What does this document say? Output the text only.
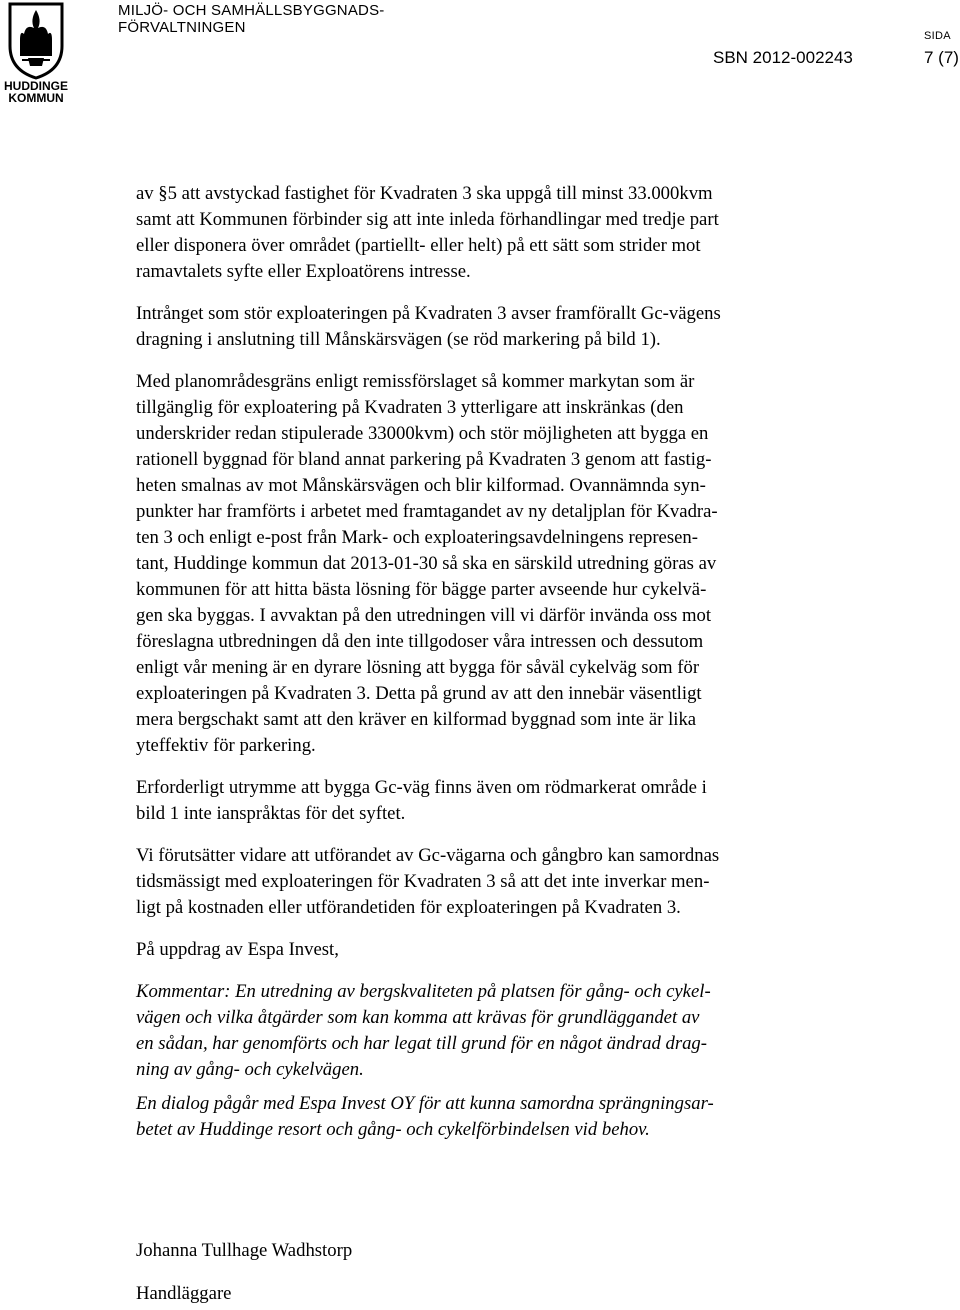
HUDDINGE
KOMMUN
MILJÖ- OCH SAMHÄLLSBYGGNADS-
FÖRVALTNINGEN	SIDA
SBN 2012-002243	7 (7)

av §5 att avstyckad fastighet för Kvadraten 3 ska uppgå till minst 33.000kvm
samt att Kommunen förbinder sig att inte inleda förhandlingar med tredje part
eller disponera över området (partiellt- eller helt) på ett sätt som strider mot
ramavtalets syfte eller Exploatörens intresse.

Intrånget som stör exploateringen på Kvadraten 3 avser framförallt Gc-vägens
dragning i anslutning till Månskärsvägen (se röd markering på bild 1).

Med planområdesgräns enligt remissförslaget så kommer markytan som är
tillgänglig för exploatering på Kvadraten 3 ytterligare att inskränkas (den
underskrider redan stipulerade 33000kvm) och stör möjligheten att bygga en
rationell byggnad för bland annat parkering på Kvadraten 3 genom att fastig-
heten smalnas av mot Månskärsvägen och blir kilformad. Ovannämnda syn-
punkter har framförts i arbetet med framtagandet av ny detaljplan för Kvadra-
ten 3 och enligt e-post från Mark- och exploateringsavdelningens represen-
tant, Huddinge kommun dat 2013-01-30 så ska en särskild utredning göras av
kommunen för att hitta bästa lösning för bägge parter avseende hur cykelvä-
gen ska byggas. I avvaktan på den utredningen vill vi därför invända oss mot
föreslagna utbredningen då den inte tillgodoser våra intressen och dessutom
enligt vår mening är en dyrare lösning att bygga för såväl cykelväg som för
exploateringen på Kvadraten 3. Detta på grund av att den innebär väsentligt
mera bergschakt samt att den kräver en kilformad byggnad som inte är lika
yteffektiv för parkering.

Erforderligt utrymme att bygga Gc-väg finns även om rödmarkerat område i
bild 1 inte ianspråktas för det syftet.

Vi förutsätter vidare att utförandet av Gc-vägarna och gångbro kan samordnas
tidsmässigt med exploateringen för Kvadraten 3 så att det inte inverkar men-
ligt på kostnaden eller utförandetiden för exploateringen på Kvadraten 3.

På uppdrag av Espa Invest,

Kommentar: En utredning av bergskvaliteten på platsen för gång- och cykel-
vägen och vilka åtgärder som kan komma att krävas för grundläggandet av
en sådan, har genomförts och har legat till grund för en något ändrad drag-
ning av gång- och cykelvägen.

En dialog pågår med Espa Invest OY för att kunna samordna sprängningsar-
betet av Huddinge resort och gång- och cykelförbindelsen vid behov.

Johanna Tullhage Wadhstorp
Handläggare
